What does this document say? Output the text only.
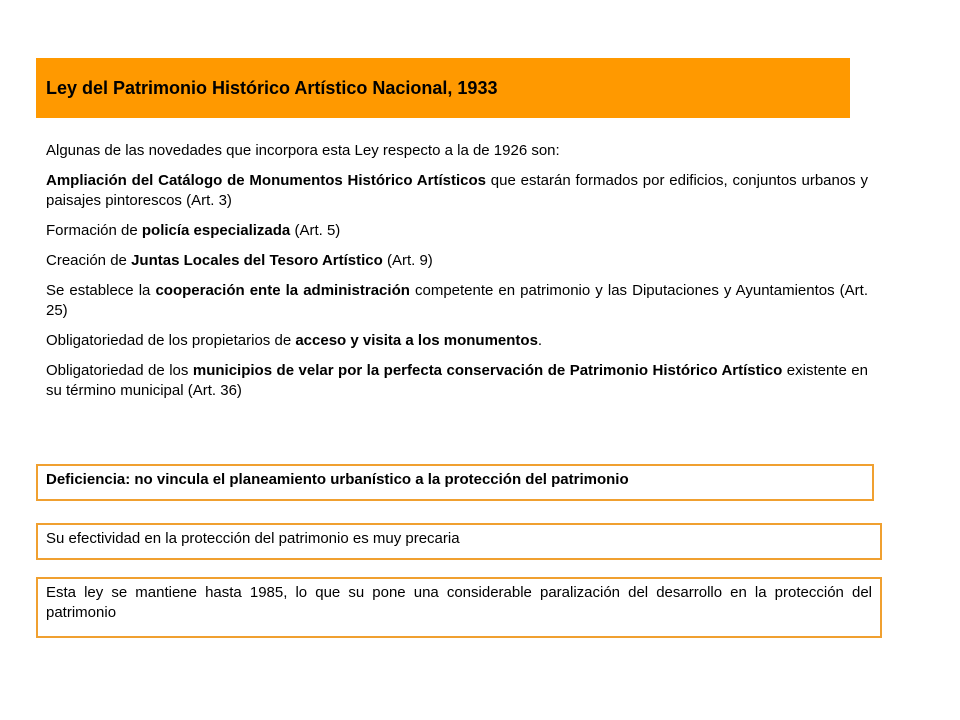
Ley del Patrimonio Histórico Artístico Nacional, 1933

Algunas de las novedades que incorpora esta Ley respecto a la de 1926 son:

Ampliación del Catálogo de Monumentos Histórico Artísticos que estarán formados por edificios, conjuntos urbanos y paisajes pintorescos (Art. 3)

Formación de policía especializada (Art. 5)

Creación de Juntas Locales del Tesoro Artístico (Art. 9)

Se establece la cooperación ente la administración competente en patrimonio y las Diputaciones y Ayuntamientos (Art. 25)

Obligatoriedad de los propietarios de acceso y visita a los monumentos.

Obligatoriedad de los municipios de velar por la perfecta conservación de Patrimonio Histórico Artístico existente en su término municipal (Art. 36)

Deficiencia: no vincula el planeamiento urbanístico a la protección del patrimonio
Su efectividad en la protección del patrimonio es muy precaria
Esta ley se mantiene hasta 1985, lo que su pone una considerable paralización del desarrollo en la protección del patrimonio
